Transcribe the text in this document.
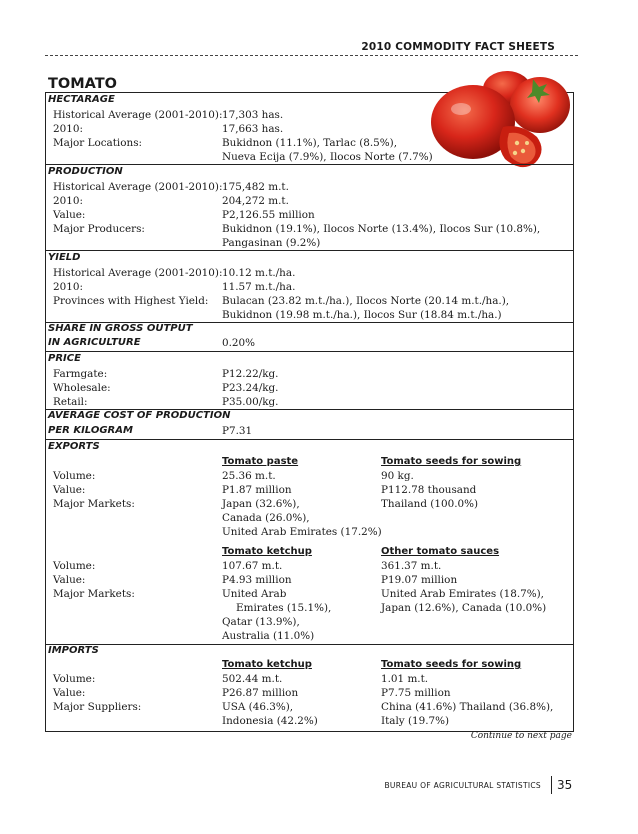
2010 COMMODITY FACT SHEETS
TOMATO
HECTARAGE
Historical Average (2001-2010): 17,303 has.
2010:	17,663 has.
Major Locations:	Bukidnon (11.1%), Tarlac (8.5%),
Nueva Ecija (7.9%), Ilocos Norte (7.7%)
PRODUCTION
Historical Average (2001-2010): 175,482 m.t.
2010:	204,272 m.t.
Value:	P2,126.55 million
Major Producers:	Bukidnon (19.1%), Ilocos Norte (13.4%), Ilocos Sur (10.8%),
Pangasinan (9.2%)
YIELD
Historical Average (2001-2010): 10.12 m.t./ha.
2010:	11.57 m.t./ha.
Provinces with Highest Yield: Bulacan (23.82 m.t./ha.), Ilocos Norte (20.14 m.t./ha.),
Bukidnon (19.98 m.t./ha.), Ilocos Sur (18.84 m.t./ha.)
SHARE IN GROSS OUTPUT
IN AGRICULTURE	0.20%
PRICE
Farmgate:	P12.22/kg.
Wholesale:	P23.24/kg.
Retail:	P35.00/kg.
AVERAGE COST OF PRODUCTION
PER KILOGRAM	P7.31
EXPORTS
Tomato paste	Tomato seeds for sowing
Volume:	25.36 m.t.	90 kg.
Value:	P1.87 million	P112.78 thousand
Major Markets:	Japan (32.6%),	Thailand (100.0%)
Canada (26.0%),
United Arab Emirates (17.2%)
Tomato ketchup	Other tomato sauces
Volume:	107.67 m.t.	361.37 m.t.
Value:	P4.93 million	P19.07 million
Major Markets:	United Arab	United Arab Emirates (18.7%),
Emirates (15.1%),	Japan (12.6%), Canada (10.0%)
Qatar (13.9%),
Australia (11.0%)
IMPORTS
Tomato ketchup	Tomato seeds for sowing
Volume:	502.44 m.t.	1.01 m.t.
Value:	P26.87 million	P7.75 million
Major Suppliers:	USA (46.3%),	China (41.6%) Thailand (36.8%),
Indonesia (42.2%)	Italy (19.7%)
Continue to next page
BUREAU OF AGRICULTURAL STATISTICS 35
